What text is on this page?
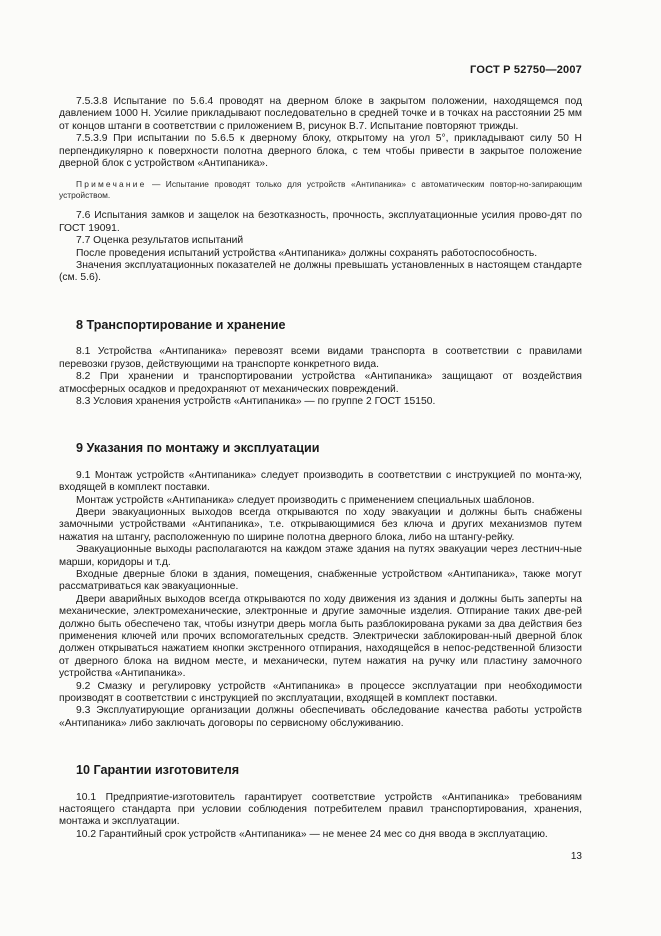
ГОСТ Р 52750—2007

7.5.3.8 Испытание по 5.6.4 проводят на дверном блоке в закрытом положении, находящемся под давлением 1000 Н. Усилие прикладывают последовательно в средней точке и в точках на расстоянии 25 мм от концов штанги в соответствии с приложением В, рисунок В.7. Испытание повторяют трижды.

7.5.3.9 При испытании по 5.6.5 к дверному блоку, открытому на угол 5°, прикладывают силу 50 Н перпендикулярно к поверхности полотна дверного блока, с тем чтобы привести в закрытое положение дверной блок с устройством «Антипаника».

Примечание — Испытание проводят только для устройств «Антипаника» с автоматическим повтор-но-запирающим устройством.

7.6 Испытания замков и защелок на безотказность, прочность, эксплуатационные усилия прово-дят по ГОСТ 19091.

7.7 Оценка результатов испытаний

После проведения испытаний устройства «Антипаника» должны сохранять работоспособность.

Значения эксплуатационных показателей не должны превышать установленных в настоящем стандарте (см. 5.6).

8 Транспортирование и хранение

8.1 Устройства «Антипаника» перевозят всеми видами транспорта в соответствии с правилами перевозки грузов, действующими на транспорте конкретного вида.

8.2 При хранении и транспортировании устройства «Антипаника» защищают от воздействия атмосферных осадков и предохраняют от механических повреждений.

8.3 Условия хранения устройств «Антипаника» — по группе 2 ГОСТ 15150.

9 Указания по монтажу и эксплуатации

9.1 Монтаж устройств «Антипаника» следует производить в соответствии с инструкцией по монта-жу, входящей в комплект поставки.

Монтаж устройств «Антипаника» следует производить с применением специальных шаблонов.

Двери эвакуационных выходов всегда открываются по ходу эвакуации и должны быть снабжены замочными устройствами «Антипаника», т.е. открывающимися без ключа и других механизмов путем нажатия на штангу, расположенную по ширине полотна дверного блока, либо на штангу-рейку.

Эвакуационные выходы располагаются на каждом этаже здания на путях эвакуации через лестнич-ные марши, коридоры и т.д.

Входные дверные блоки в здания, помещения, снабженные устройством «Антипаника», также могут рассматриваться как эвакуационные.

Двери аварийных выходов всегда открываются по ходу движения из здания и должны быть заперты на механические, электромеханические, электронные и другие замочные изделия. Отпирание таких две-рей должно быть обеспечено так, чтобы изнутри дверь могла быть разблокирована руками за два действия без применения ключей или прочих вспомогательных средств. Электрически заблокирован-ный дверной блок должен открываться нажатием кнопки экстренного отпирания, находящейся в непос-редственной близости от дверного блока на видном месте, и механически, путем нажатия на ручку или пластину замочного устройства «Антипаника».

9.2 Смазку и регулировку устройств «Антипаника» в процессе эксплуатации при необходимости производят в соответствии с инструкцией по эксплуатации, входящей в комплект поставки.

9.3 Эксплуатирующие организации должны обеспечивать обследование качества работы устройств «Антипаника» либо заключать договоры по сервисному обслуживанию.

10 Гарантии изготовителя

10.1 Предприятие-изготовитель гарантирует соответствие устройств «Антипаника» требованиям настоящего стандарта при условии соблюдения потребителем правил транспортирования, хранения, монтажа и эксплуатации.

10.2 Гарантийный срок устройств «Антипаника» — не менее 24 мес со дня ввода в эксплуатацию.

13
